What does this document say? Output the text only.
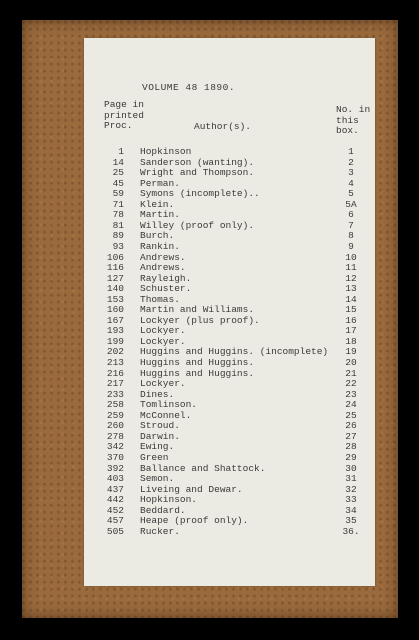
VOLUME 48 1890.
Page in printed Proc.	Author(s).
No. in this box.
1 Hopkinson	1
14 Sanderson (wanting).	2
25 Wright and Thompson.	3
45 Perman.	4
59 Symons (incomplete)..	5
71 Klein.	5A
78 Martin.	6
81 Willey (proof only).	7
89 Burch.	8
93 Rankin.	9
106 Andrews.	10
116 Andrews.	11
127 Rayleigh.	12
140 Schuster.	13
153 Thomas.	14
160 Martin and Williams.	15
167 Lockyer (plus proof).	16
193 Lockyer.	17
199 Lockyer.	18
202 Huggins and Huggins. (incomplete)	19
213 Huggins and Huggins.	20
216 Huggins and Huggins.	21
217 Lockyer.	22
233 Dines.	23
258 Tomlinson.	24
259 McConnel.	25
260 Stroud.	26
278 Darwin.	27
342 Ewing.	28
370 Green	29
392 Ballance and Shattock.	30
403 Semon.	31
437 Liveing and Dewar.	32
442 Hopkinson.	33
452 Beddard.	34
457 Heape (proof only).	35
505 Rucker.	36.
